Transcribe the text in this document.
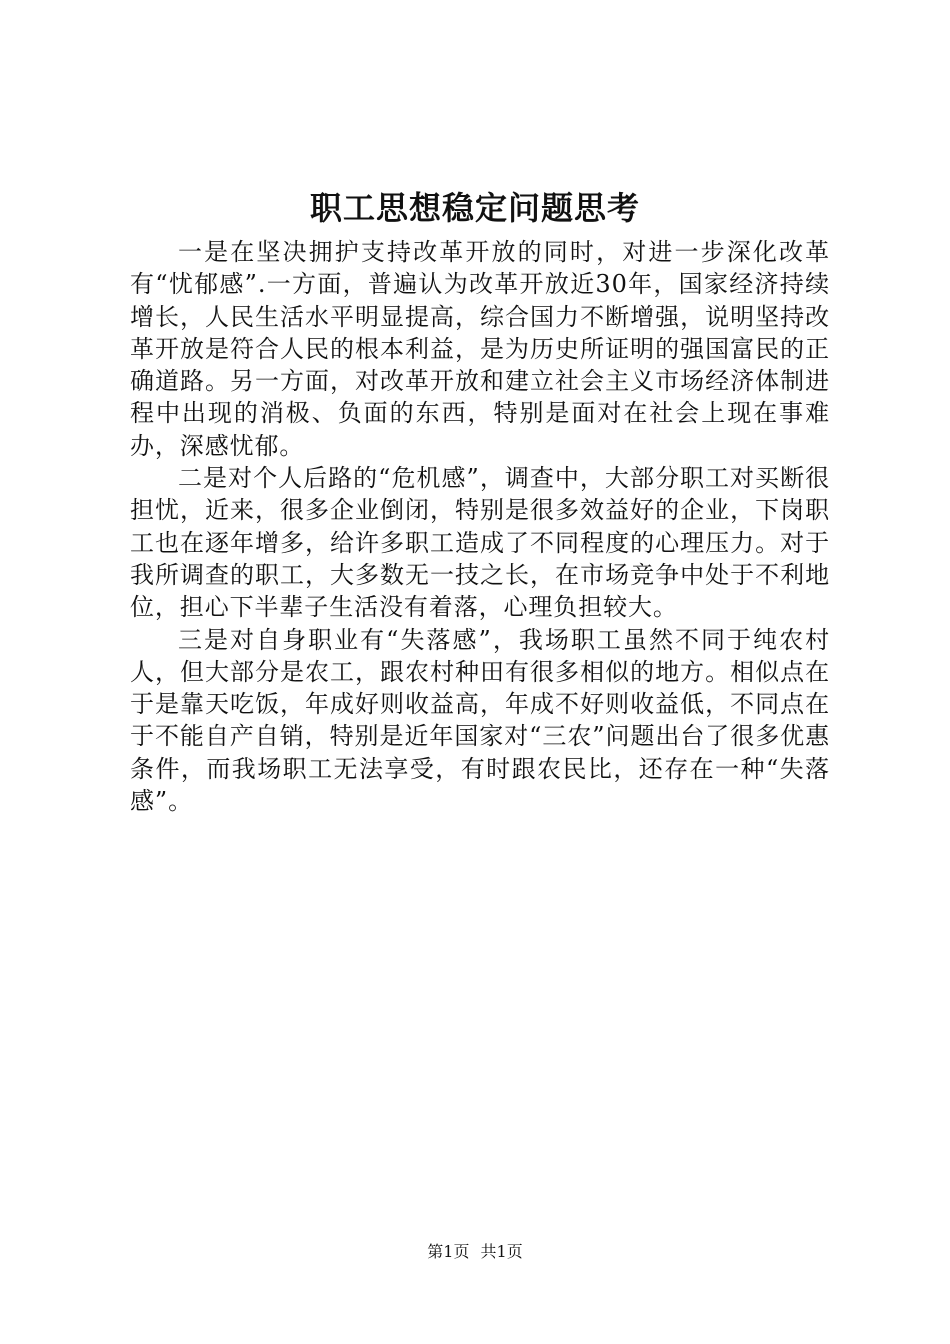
职工思想稳定问题思考

一是在坚决拥护支持改革开放的同时，对进一步深化改革有“忧郁感”.一方面，普遍认为改革开放近30年，国家经济持续增长，人民生活水平明显提高，综合国力不断增强，说明坚持改革开放是符合人民的根本利益，是为历史所证明的强国富民的正确道路。另一方面，对改革开放和建立社会主义市场经济体制进程中出现的消极、负面的东西，特别是面对在社会上现在事难办，深感忧郁。

二是对个人后路的“危机感”，调查中，大部分职工对买断很担忧，近来，很多企业倒闭，特别是很多效益好的企业，下岗职工也在逐年增多，给许多职工造成了不同程度的心理压力。对于我所调查的职工，大多数无一技之长，在市场竞争中处于不利地位，担心下半辈子生活没有着落，心理负担较大。

三是对自身职业有“失落感”，我场职工虽然不同于纯农村人，但大部分是农工，跟农村种田有很多相似的地方。相似点在于是靠天吃饭，年成好则收益高，年成不好则收益低，不同点在于不能自产自销，特别是近年国家对“三农”问题出台了很多优惠条件，而我场职工无法享受，有时跟农民比，还存在一种“失落感”。

第1页 共1页
